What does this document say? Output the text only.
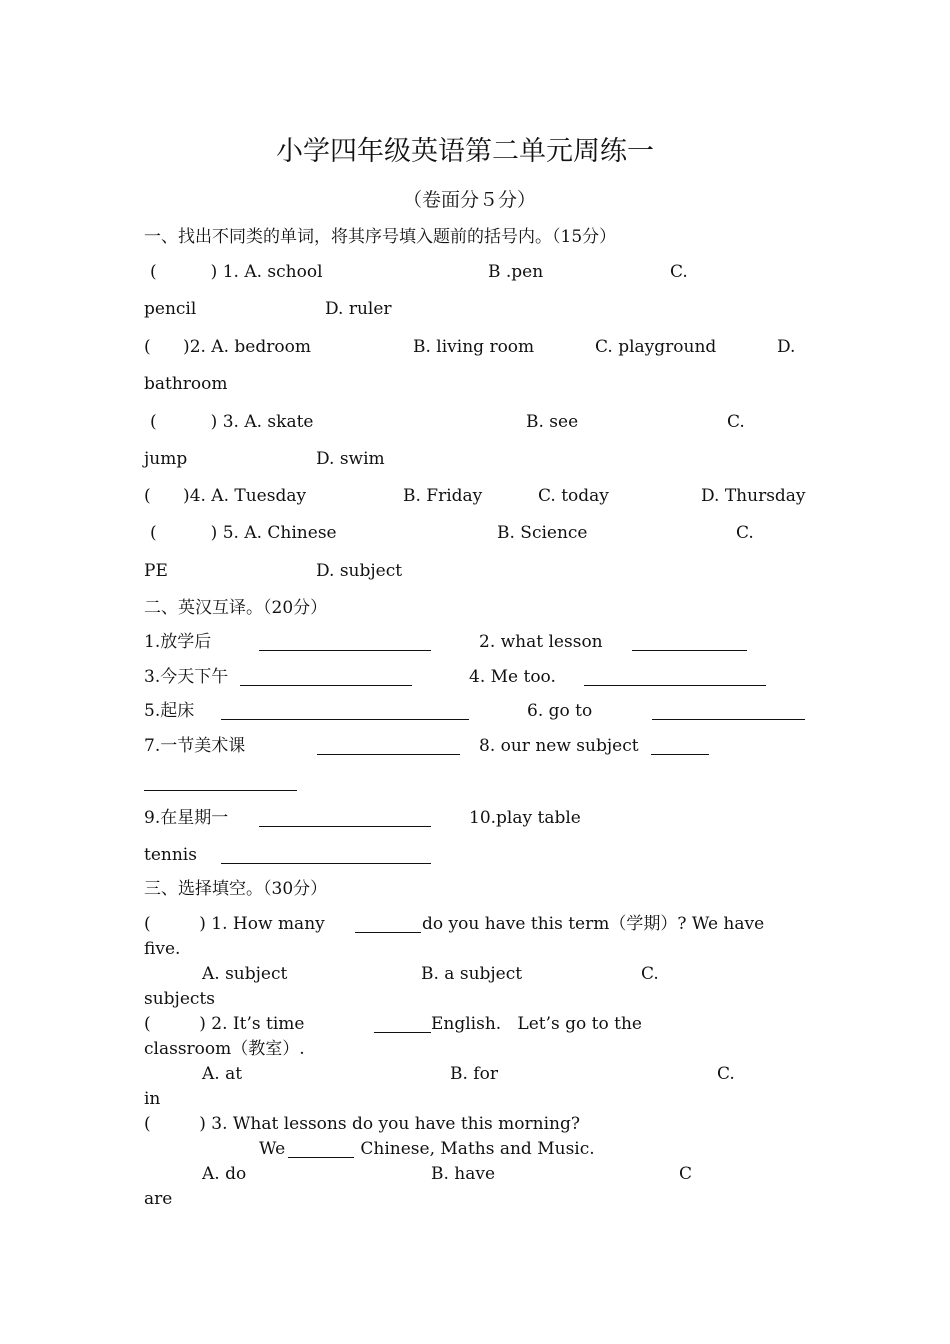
小学四年级英语第二单元周练一
（卷面分５分）
一、找出不同类的单词，将其序号填入题前的括号内。（15分）
(          ) 1. A. school	B .pen	C.
pencil	D. ruler
(      )2. A. bedroom	B. living room	C. playground	D.
bathroom
(          ) 3. A. skate	B. see	C.
jump	D. swim
(      )4. A. Tuesday	B. Friday	C. today	D. Thursday
(          ) 5. A. Chinese	B. Science	C.
PE	D. subject
二、英汉互译。（20分）
1.放学后	2. what lesson
3.今天下午	4. Me too.
5.起床	6. go to
7.一节美术课	8. our new subject
9.在星期一	10.play table
tennis
三、选择填空。（30分）
(         ) 1. How many	do you have this term（学期）? We have
five.
A. subject	B. a subject	C.
subjects
(         ) 2. It’s time	English.   Let’s go to the
classroom（教室）.
A. at	B. for	C.
in
(         ) 3. What lessons do you have this morning?
We	Chinese, Maths and Music.
A. do	B. have	C
are
